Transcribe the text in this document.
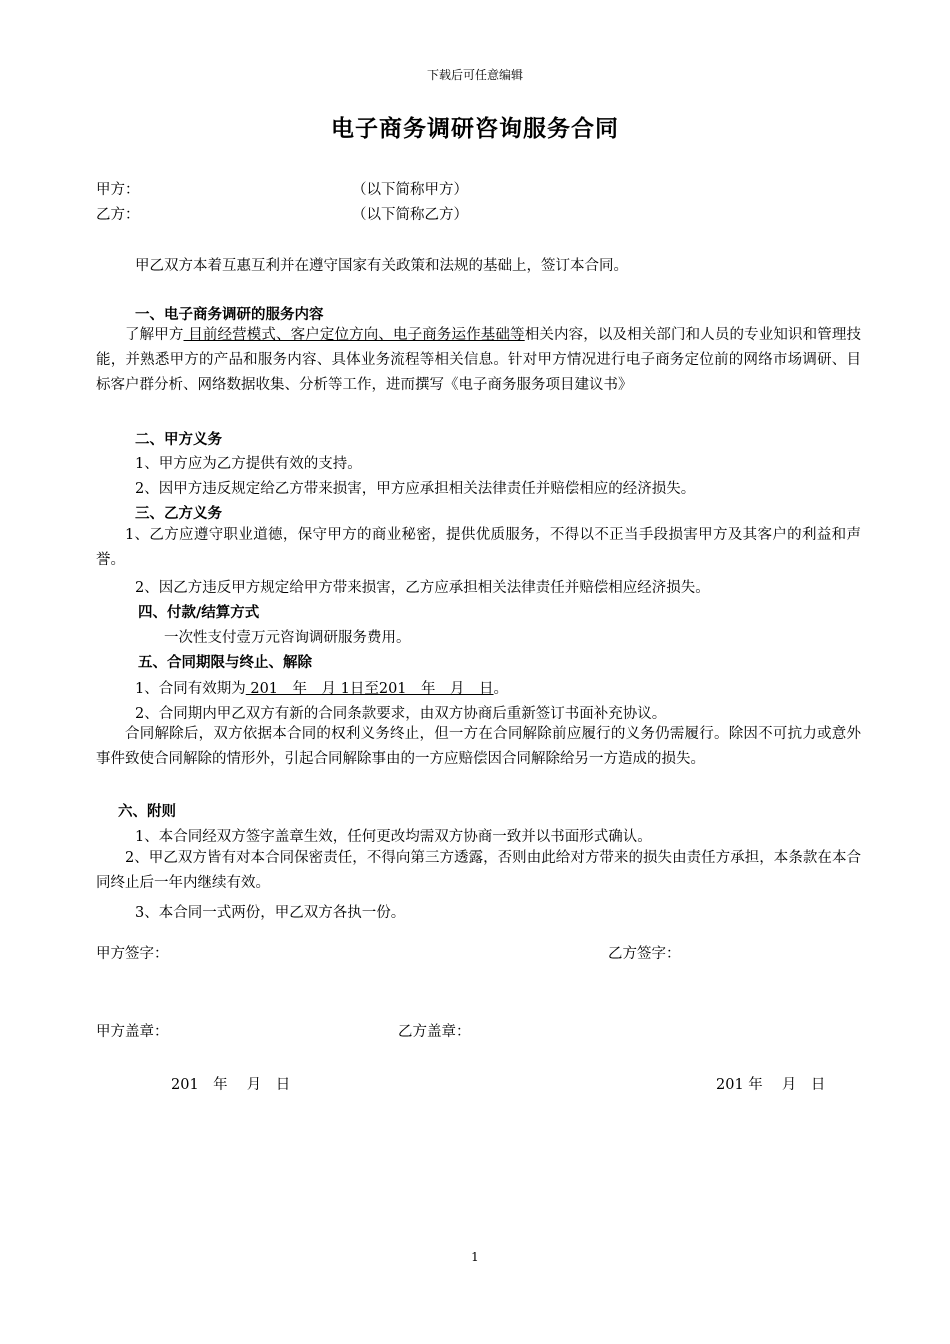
下载后可任意编辑
电子商务调研咨询服务合同
甲方：	（以下简称甲方）
乙方：	（以下简称乙方）
甲乙双方本着互惠互利并在遵守国家有关政策和法规的基础上，签订本合同。
一、电子商务调研的服务内容
了解甲方 目前经营模式、客户定位方向、电子商务运作基础等相关内容，以及相关部门和人员的专业知识和管理技能，并熟悉甲方的产品和服务内容、具体业务流程等相关信息。针对甲方情况进行电子商务定位前的网络市场调研、目标客户群分析、网络数据收集、分析等工作，进而撰写《电子商务服务项目建议书》
二、甲方义务
1、甲方应为乙方提供有效的支持。
2、因甲方违反规定给乙方带来损害，甲方应承担相关法律责任并赔偿相应的经济损失。
三、乙方义务
1、乙方应遵守职业道德，保守甲方的商业秘密，提供优质服务，不得以不正当手段损害甲方及其客户的利益和声誉。
2、因乙方违反甲方规定给甲方带来损害，乙方应承担相关法律责任并赔偿相应经济损失。
四、付款/结算方式
一次性支付壹万元咨询调研服务费用。
五、合同期限与终止、解除
1、合同有效期为 201　年　月 1日至201　年　月　日。
2、合同期内甲乙双方有新的合同条款要求，由双方协商后重新签订书面补充协议。
合同解除后，双方依据本合同的权利义务终止，但一方在合同解除前应履行的义务仍需履行。除因不可抗力或意外事件致使合同解除的情形外，引起合同解除事由的一方应赔偿因合同解除给另一方造成的损失。
六、附则
1、本合同经双方签字盖章生效，任何更改均需双方协商一致并以书面形式确认。
2、甲乙双方皆有对本合同保密责任，不得向第三方透露，否则由此给对方带来的损失由责任方承担，本条款在本合同终止后一年内继续有效。
3、本合同一式两份，甲乙双方各执一份。
甲方签字：	乙方签字：
甲方盖章：	乙方盖章：
201　年　 月　日	201 年　 月　日
1
